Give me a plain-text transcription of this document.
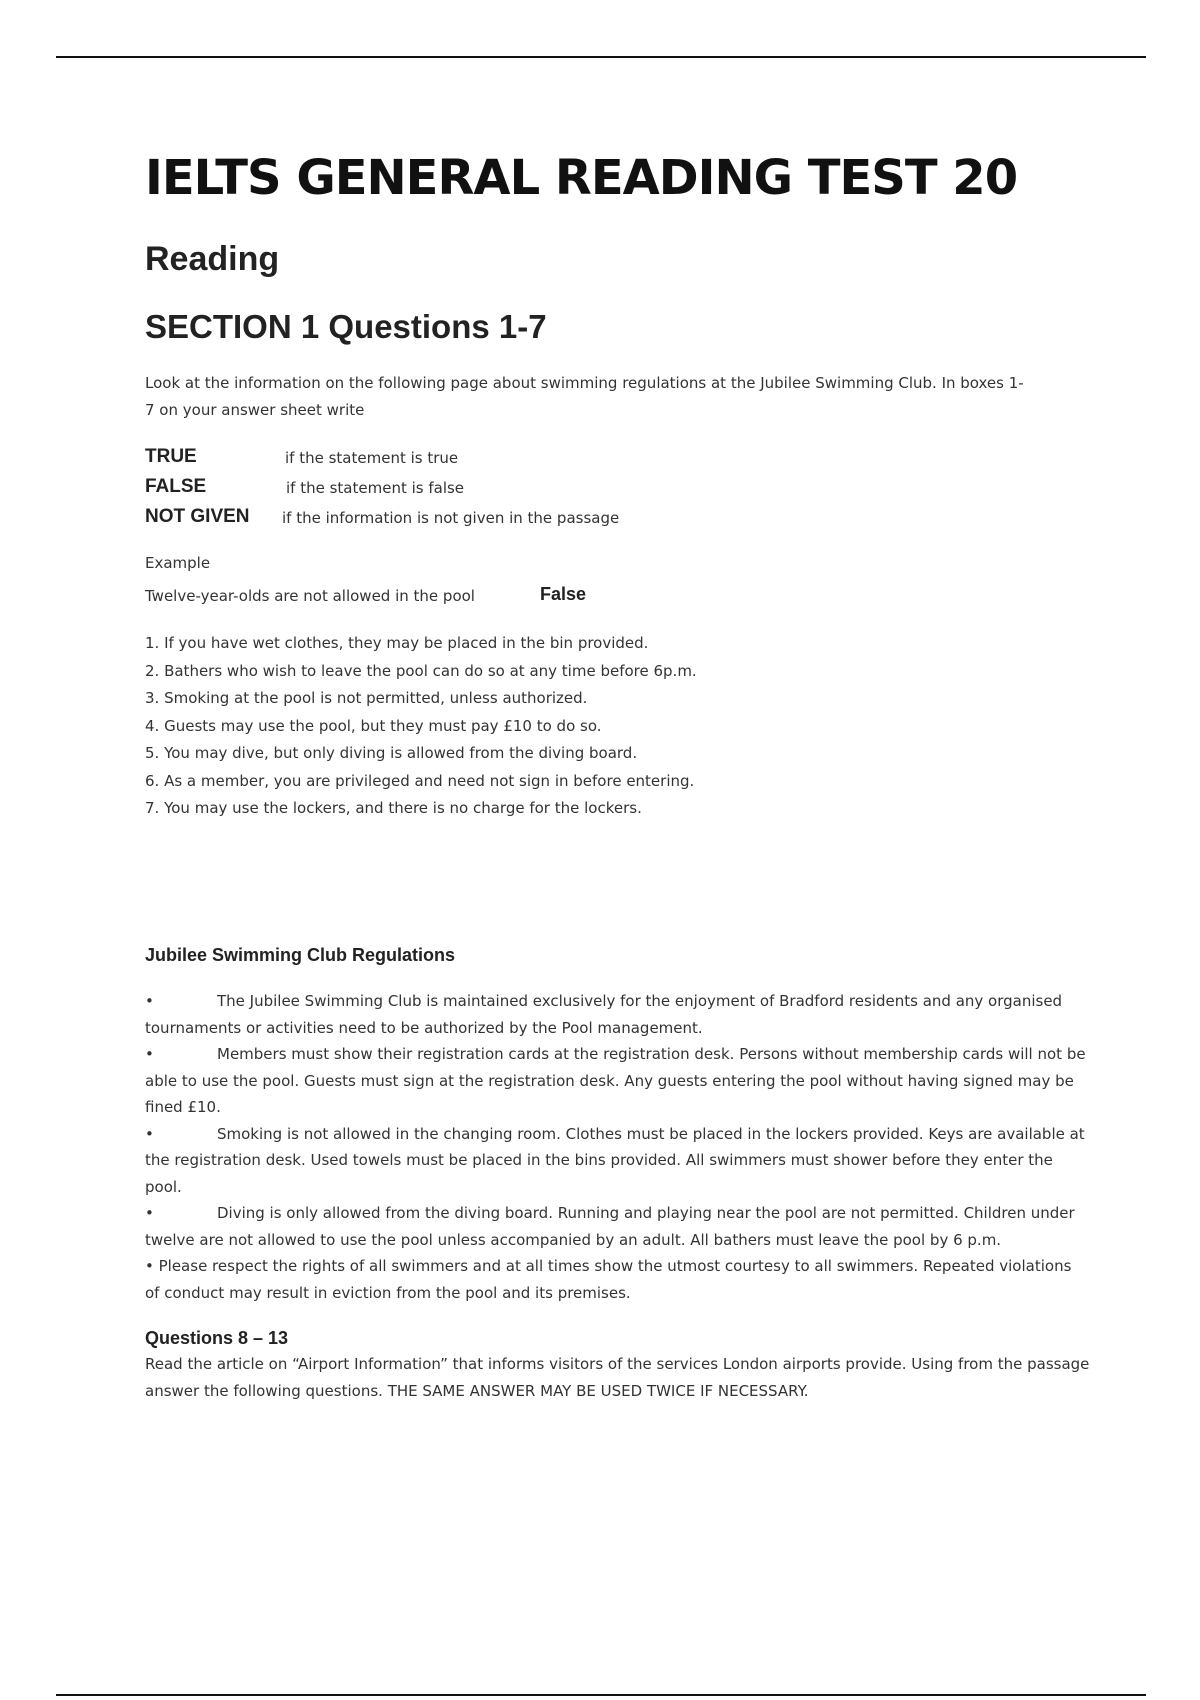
IELTS GENERAL READING TEST 20
Reading
SECTION 1 Questions 1-7

Look at the information on the following page about swimming regulations at the Jubilee Swimming Club. In boxes 1-7 on your answer sheet write

TRUE	if the statement is true
FALSE	if the statement is false
NOT GIVEN if the information is not given in the passage
Example
Twelve-year-olds are not allowed in the pool	False

1. If you have wet clothes, they may be placed in the bin provided.

2. Bathers who wish to leave the pool can do so at any time before 6p.m.

3. Smoking at the pool is not permitted, unless authorized.

4. Guests may use the pool, but they must pay £10 to do so.

5. You may dive, but only diving is allowed from the diving board.

6. As a member, you are privileged and need not sign in before entering.

7. You may use the lockers, and there is no charge for the lockers.

Jubilee Swimming Club Regulations

•	The Jubilee Swimming Club is maintained exclusively for the enjoyment of Bradford residents and any organised tournaments or activities need to be authorized by the Pool management.

•	Members must show their registration cards at the registration desk. Persons without membership cards will not be able to use the pool. Guests must sign at the registration desk. Any guests entering the pool without having signed may be fined £10.

•	Smoking is not allowed in the changing room. Clothes must be placed in the lockers provided. Keys are available at the registration desk. Used towels must be placed in the bins provided. All swimmers must shower before they enter the pool.

•	Diving is only allowed from the diving board. Running and playing near the pool are not permitted. Children under twelve are not allowed to use the pool unless accompanied by an adult. All bathers must leave the pool by 6 p.m.

• Please respect the rights of all swimmers and at all times show the utmost courtesy to all swimmers. Repeated violations of conduct may result in eviction from the pool and its premises.

Questions 8 – 13

Read the article on “Airport Information” that informs visitors of the services London airports provide. Using from the passage answer the following questions. THE SAME ANSWER MAY BE USED TWICE IF NECESSARY.
